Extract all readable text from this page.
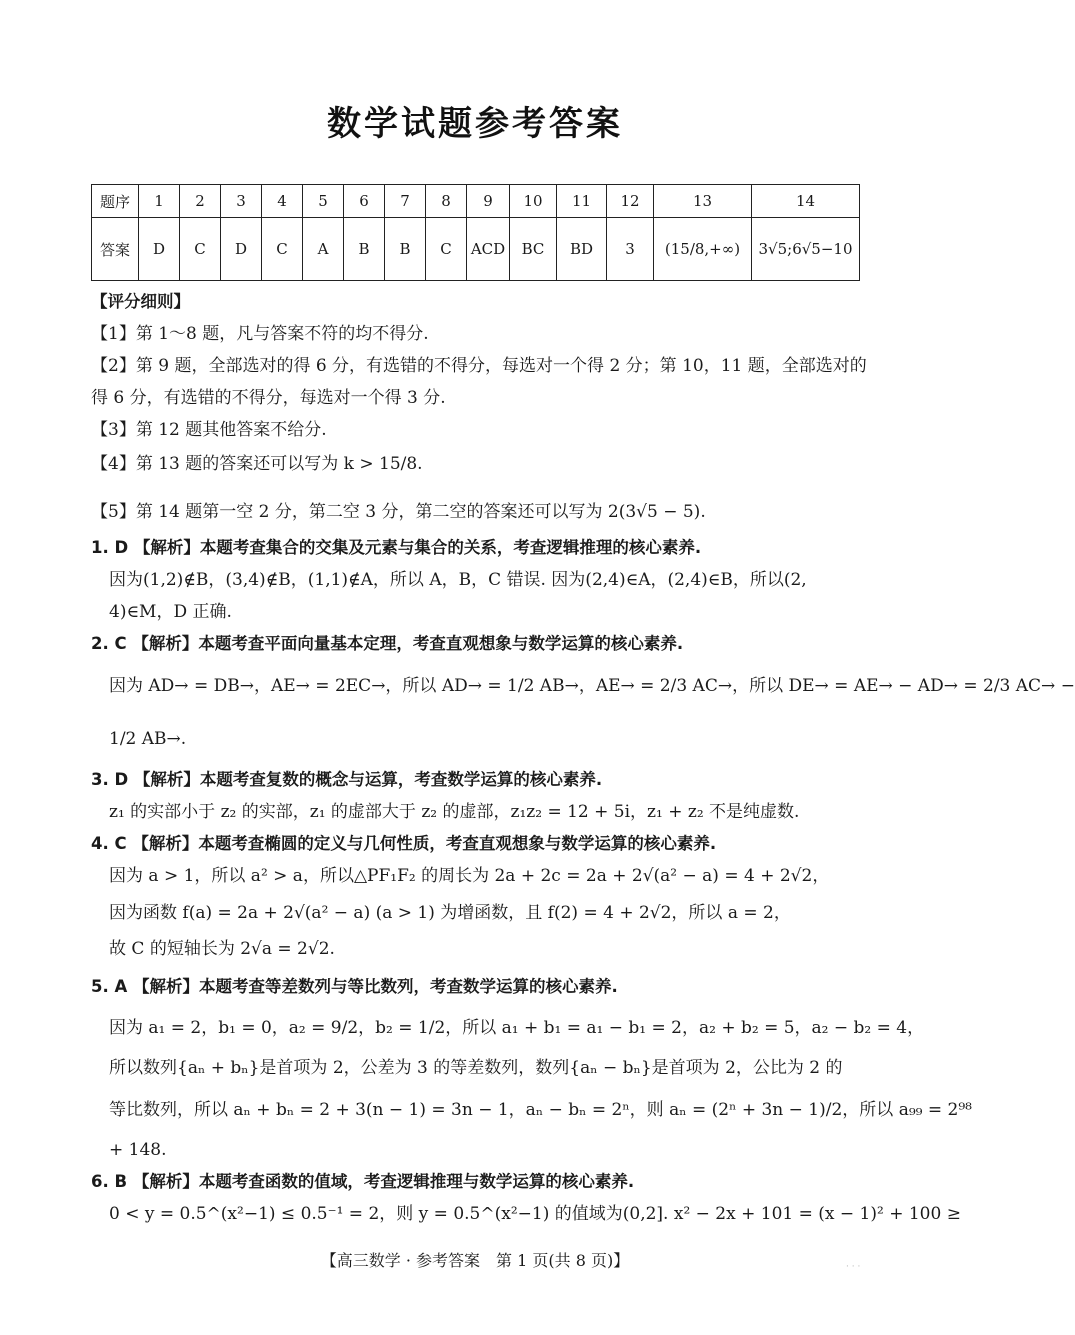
数学试题参考答案
题序	1	2	3	4	5	6	7	8	9	10	11	12	13	14
答案	D	C	D	C	A	B	B	C	ACD	BC	BD	3	(15/8,+∞)	3√5;6√5−10
【评分细则】
【1】第 1～8 题，凡与答案不符的均不得分.
【2】第 9 题，全部选对的得 6 分，有选错的不得分，每选对一个得 2 分；第 10，11 题，全部选对的
得 6 分，有选错的不得分，每选对一个得 3 分.
【3】第 12 题其他答案不给分.
【4】第 13 题的答案还可以写为 k > 15/8.
【5】第 14 题第一空 2 分，第二空 3 分，第二空的答案还可以写为 2(3√5 − 5).
1. D 【解析】本题考查集合的交集及元素与集合的关系，考查逻辑推理的核心素养.
因为(1,2)∉B，(3,4)∉B，(1,1)∉A，所以 A，B，C 错误. 因为(2,4)∈A，(2,4)∈B，所以(2,
4)∈M，D 正确.
2. C 【解析】本题考查平面向量基本定理，考查直观想象与数学运算的核心素养.
因为 AD→ = DB→，AE→ = 2EC→，所以 AD→ = 1/2 AB→，AE→ = 2/3 AC→，所以 DE→ = AE→ − AD→ = 2/3 AC→ −
1/2 AB→.
3. D 【解析】本题考查复数的概念与运算，考查数学运算的核心素养.
z₁ 的实部小于 z₂ 的实部，z₁ 的虚部大于 z₂ 的虚部，z₁z₂ = 12 + 5i，z₁ + z₂ 不是纯虚数.
4. C 【解析】本题考查椭圆的定义与几何性质，考查直观想象与数学运算的核心素养.
因为 a > 1，所以 a² > a，所以△PF₁F₂ 的周长为 2a + 2c = 2a + 2√(a² − a) = 4 + 2√2，
因为函数 f(a) = 2a + 2√(a² − a) (a > 1) 为增函数，且 f(2) = 4 + 2√2，所以 a = 2，
故 C 的短轴长为 2√a = 2√2.
5. A 【解析】本题考查等差数列与等比数列，考查数学运算的核心素养.
因为 a₁ = 2，b₁ = 0，a₂ = 9/2，b₂ = 1/2，所以 a₁ + b₁ = a₁ − b₁ = 2，a₂ + b₂ = 5，a₂ − b₂ = 4，
所以数列{aₙ + bₙ}是首项为 2，公差为 3 的等差数列，数列{aₙ − bₙ}是首项为 2，公比为 2 的
等比数列，所以 aₙ + bₙ = 2 + 3(n − 1) = 3n − 1，aₙ − bₙ = 2ⁿ，则 aₙ = (2ⁿ + 3n − 1)/2，所以 a₉₉ = 2⁹⁸
+ 148.
6. B 【解析】本题考查函数的值域，考查逻辑推理与数学运算的核心素养.
0 < y = 0.5^(x²−1) ≤ 0.5⁻¹ = 2，则 y = 0.5^(x²−1) 的值域为(0,2]. x² − 2x + 101 = (x − 1)² + 100 ≥
【高三数学 · 参考答案　第 1 页(共 8 页)】	· · ·
